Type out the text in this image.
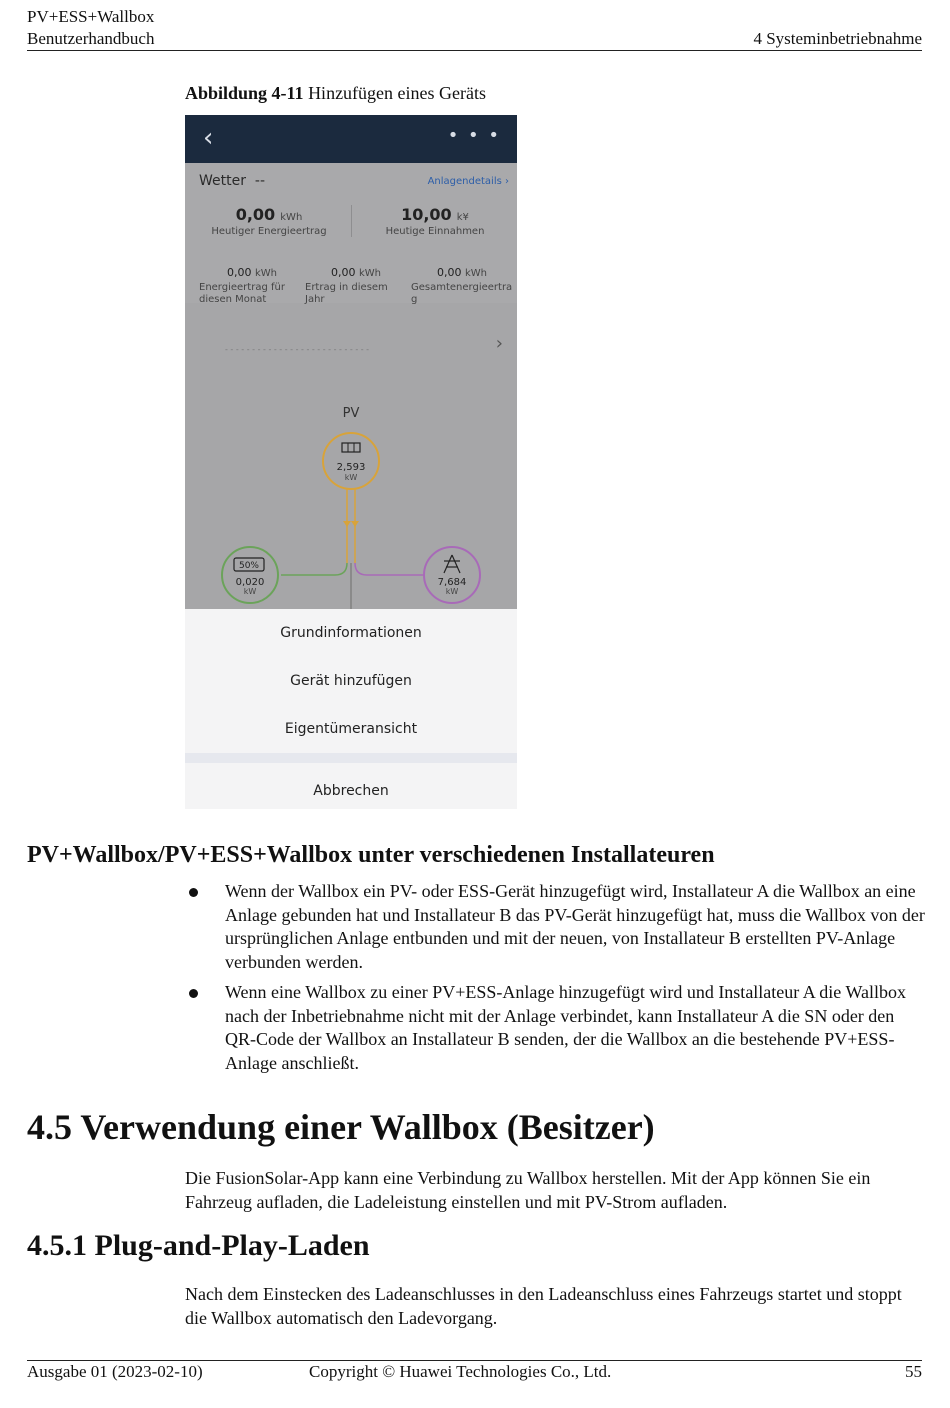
PV+ESS+Wallbox
Benutzerhandbuch	4 Systeminbetriebnahme
Abbildung 4-11 Hinzufügen eines Geräts
‹	• • •
Wetter --	Anlagendetails ›
0,00 kWh
Heutiger Energieertrag
10,00 k¥
Heutige Einnahmen
0,00 kWh
Energieertrag für diesen Monat
0,00 kWh
Ertrag in diesem Jahr
0,00 kWh
Gesamtenergieertrag
- - - - - - - - - - - - - - - - - - - - - - - - - - -	›
PV
2,593
kW
50%
0,020
kW
7,684
kW
Grundinformationen
Gerät hinzufügen
Eigentümeransicht
Abbrechen
PV+Wallbox/PV+ESS+Wallbox unter verschiedenen Installateuren
Wenn der Wallbox ein PV- oder ESS-Gerät hinzugefügt wird, Installateur A die Wallbox an eine Anlage gebunden hat und Installateur B das PV-Gerät hinzugefügt hat, muss die Wallbox von der ursprünglichen Anlage entbunden und mit der neuen, von Installateur B erstellten PV-Anlage verbunden werden.
Wenn eine Wallbox zu einer PV+ESS-Anlage hinzugefügt wird und Installateur A die Wallbox nach der Inbetriebnahme nicht mit der Anlage verbindet, kann Installateur A die SN oder den QR-Code der Wallbox an Installateur B senden, der die Wallbox an die bestehende PV+ESS-Anlage anschließt.
4.5 Verwendung einer Wallbox (Besitzer)
Die FusionSolar-App kann eine Verbindung zu Wallbox herstellen. Mit der App können Sie ein Fahrzeug aufladen, die Ladeleistung einstellen und mit PV-Strom aufladen.
4.5.1 Plug-and-Play-Laden
Nach dem Einstecken des Ladeanschlusses in den Ladeanschluss eines Fahrzeugs startet und stoppt die Wallbox automatisch den Ladevorgang.
Ausgabe 01 (2023-02-10)	Copyright © Huawei Technologies Co., Ltd.	55
